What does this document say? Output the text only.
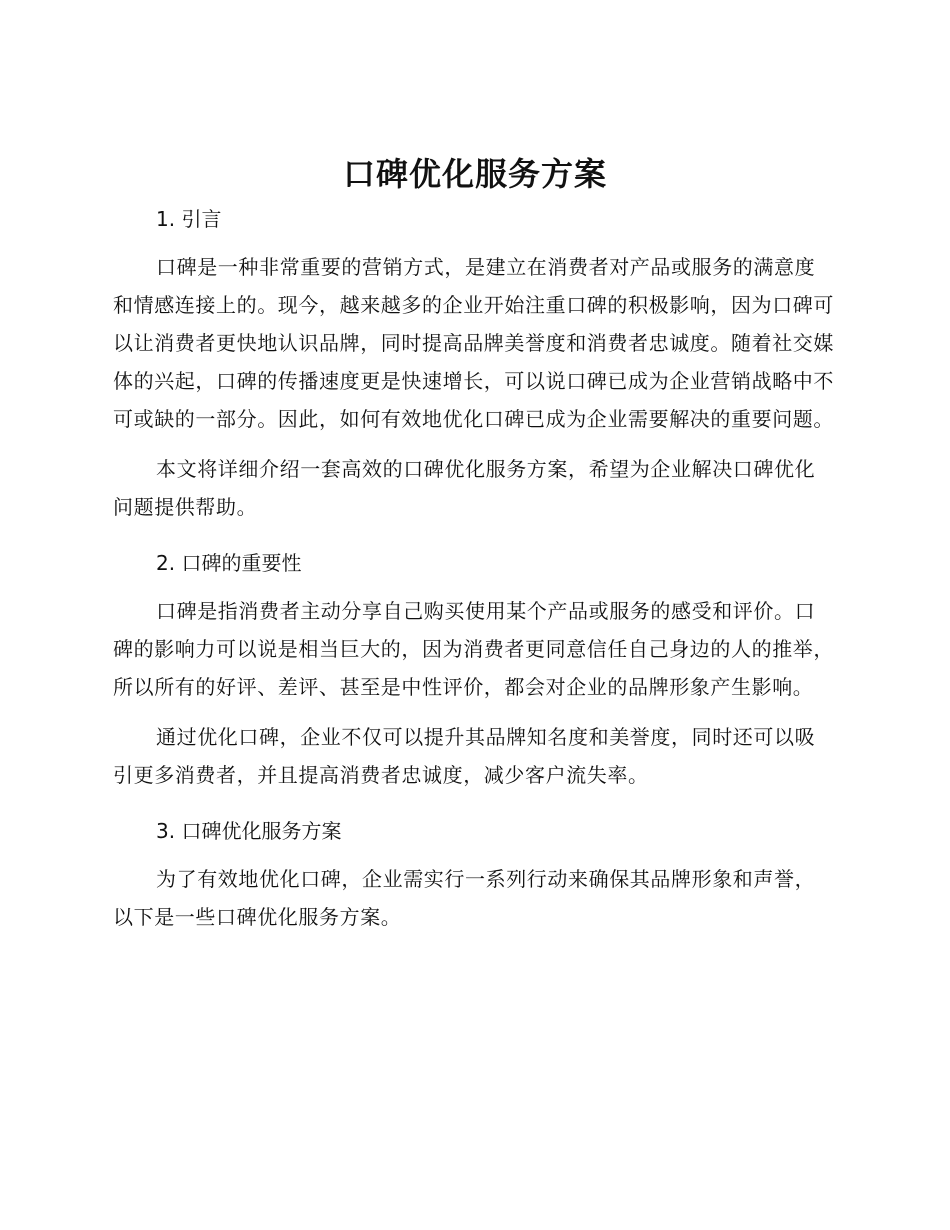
口碑优化服务方案
1. 引言

口碑是一种非常重要的营销方式，是建立在消费者对产品或服务的满意度和情感连接上的。现今，越来越多的企业开始注重口碑的积极影响，因为口碑可以让消费者更快地认识品牌，同时提高品牌美誉度和消费者忠诚度。随着社交媒体的兴起，口碑的传播速度更是快速增长，可以说口碑已成为企业营销战略中不可或缺的一部分。因此，如何有效地优化口碑已成为企业需要解决的重要问题。

本文将详细介绍一套高效的口碑优化服务方案，希望为企业解决口碑优化问题提供帮助。

2. 口碑的重要性

口碑是指消费者主动分享自己购买使用某个产品或服务的感受和评价。口碑的影响力可以说是相当巨大的，因为消费者更同意信任自己身边的人的推举，所以所有的好评、差评、甚至是中性评价，都会对企业的品牌形象产生影响。

通过优化口碑，企业不仅可以提升其品牌知名度和美誉度，同时还可以吸引更多消费者，并且提高消费者忠诚度，减少客户流失率。

3. 口碑优化服务方案

为了有效地优化口碑，企业需实行一系列行动来确保其品牌形象和声誉，以下是一些口碑优化服务方案。
